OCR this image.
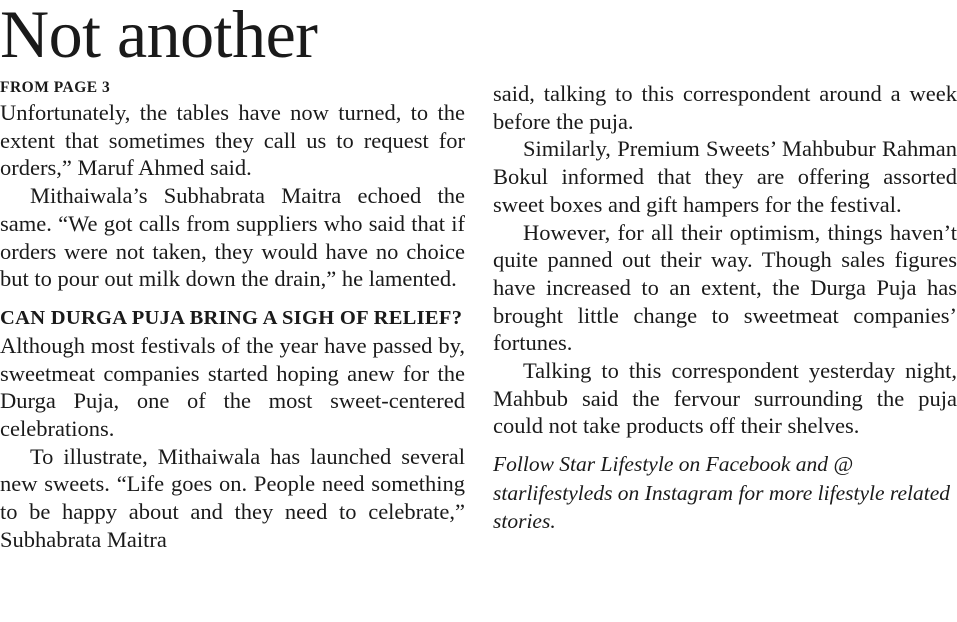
Not another
FROM PAGE 3

Unfortunately, the tables have now turned, to the extent that sometimes they call us to request for orders,” Maruf Ahmed said.

Mithaiwala’s Subhabrata Maitra echoed the same. “We got calls from suppliers who said that if orders were not taken, they would have no choice but to pour out milk down the drain,” he lamented.

CAN DURGA PUJA BRING A SIGH OF RELIEF?

Although most festivals of the year have passed by, sweetmeat companies started hoping anew for the Durga Puja, one of the most sweet-centered celebrations.

To illustrate, Mithaiwala has launched several new sweets. “Life goes on. People need something to be happy about and they need to celebrate,” Subhabrata Maitra

said, talking to this correspondent around a week before the puja.

Similarly, Premium Sweets’ Mahbubur Rahman Bokul informed that they are offering assorted sweet boxes and gift hampers for the festival.

However, for all their optimism, things haven’t quite panned out their way. Though sales figures have increased to an extent, the Durga Puja has brought little change to sweetmeat companies’ fortunes.

Talking to this correspondent yesterday night, Mahbub said the fervour surrounding the puja could not take products off their shelves.

Follow Star Lifestyle on Facebook and @ starlifestyleds on Instagram for more lifestyle related stories.
